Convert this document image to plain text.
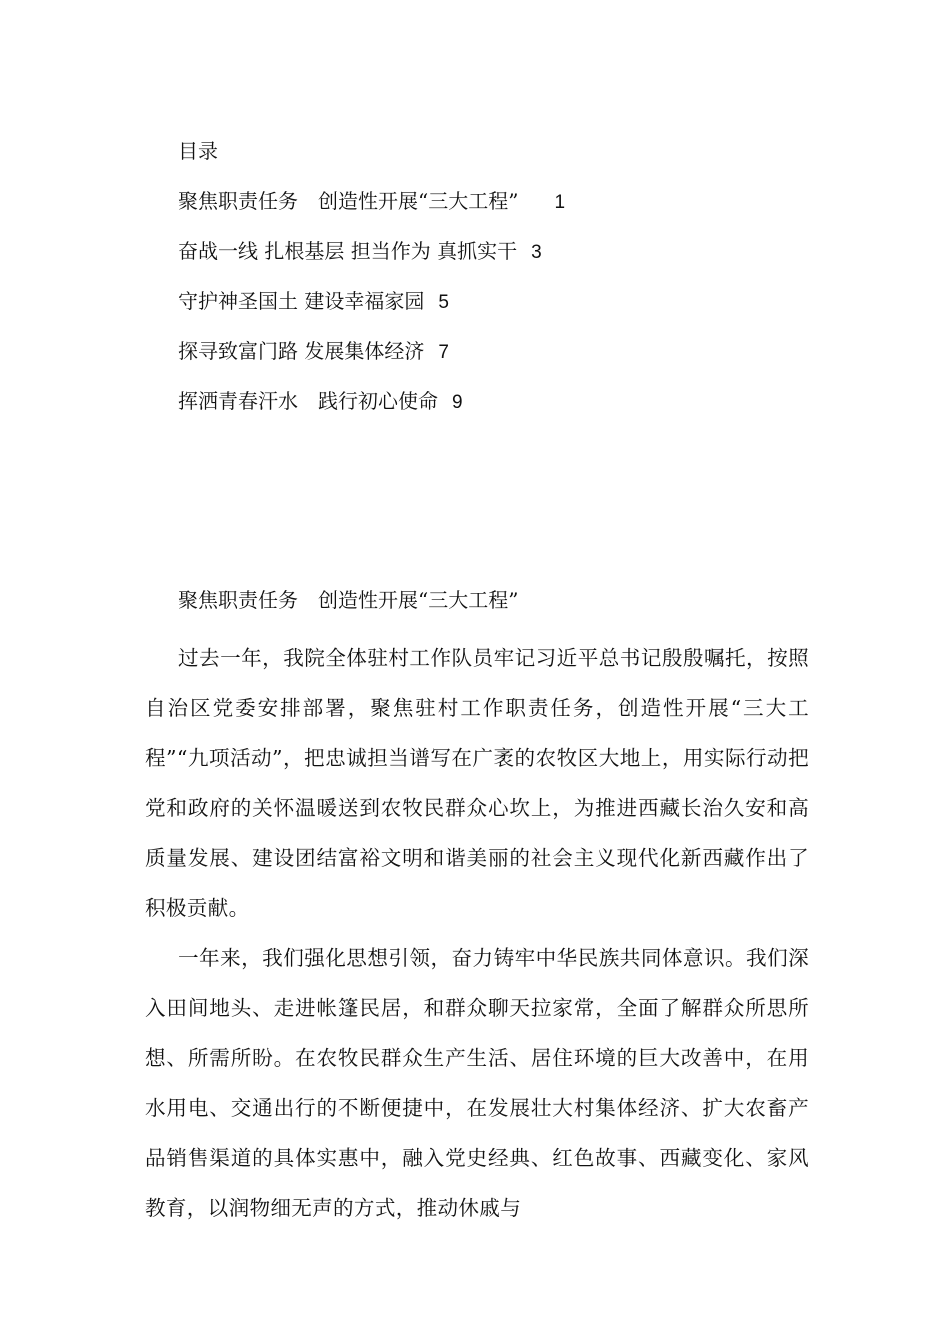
目录
聚焦职责任务　创造性开展“三大工程” 1
奋战一线 扎根基层 担当作为 真抓实干 3
守护神圣国土 建设幸福家园 5
探寻致富门路 发展集体经济 7
挥洒青春汗水　践行初心使命 9
聚焦职责任务　创造性开展“三大工程”

过去一年，我院全体驻村工作队员牢记习近平总书记殷殷嘱托，按照自治区党委安排部署，聚焦驻村工作职责任务，创造性开展“三大工程”“九项活动”，把忠诚担当谱写在广袤的农牧区大地上，用实际行动把党和政府的关怀温暖送到农牧民群众心坎上，为推进西藏长治久安和高质量发展、建设团结富裕文明和谐美丽的社会主义现代化新西藏作出了积极贡献。

一年来，我们强化思想引领，奋力铸牢中华民族共同体意识。我们深入田间地头、走进帐篷民居，和群众聊天拉家常，全面了解群众所思所想、所需所盼。在农牧民群众生产生活、居住环境的巨大改善中，在用水用电、交通出行的不断便捷中，在发展壮大村集体经济、扩大农畜产品销售渠道的具体实惠中，融入党史经典、红色故事、西藏变化、家风教育，以润物细无声的方式，推动休戚与
